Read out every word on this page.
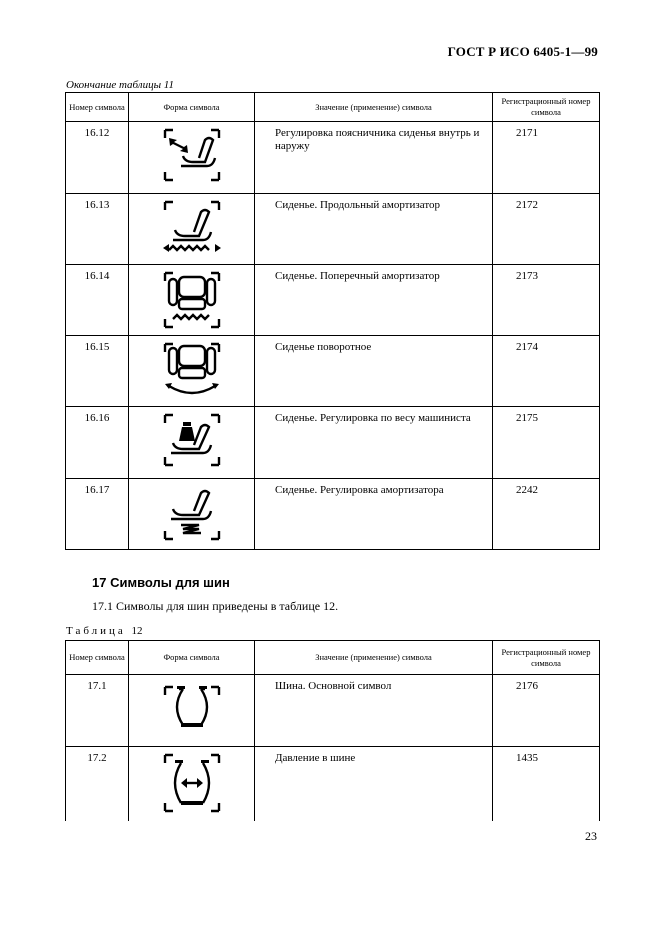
ГОСТ Р ИСО 6405-1—99
Окончание таблицы 11
Номер символа	Форма символа	Значение (применение) символа	Регистрационный номер символа
16.12		Регулировка поясничника сиденья внутрь и наружу	2171
16.13		Сиденье. Продольный амортизатор	2172
16.14		Сиденье. Поперечный амортизатор	2173
16.15		Сиденье поворотное	2174
16.16		Сиденье. Регулировка по весу машиниста	2175
16.17		Сиденье. Регулировка амортизатора	2242
17 Символы для шин
17.1 Символы для шин приведены в таблице 12.
Таблица 12
Номер символа	Форма символа	Значение (применение) символа	Регистрационный номер символа
17.1		Шина. Основной символ	2176
17.2		Давление в шине	1435
23
